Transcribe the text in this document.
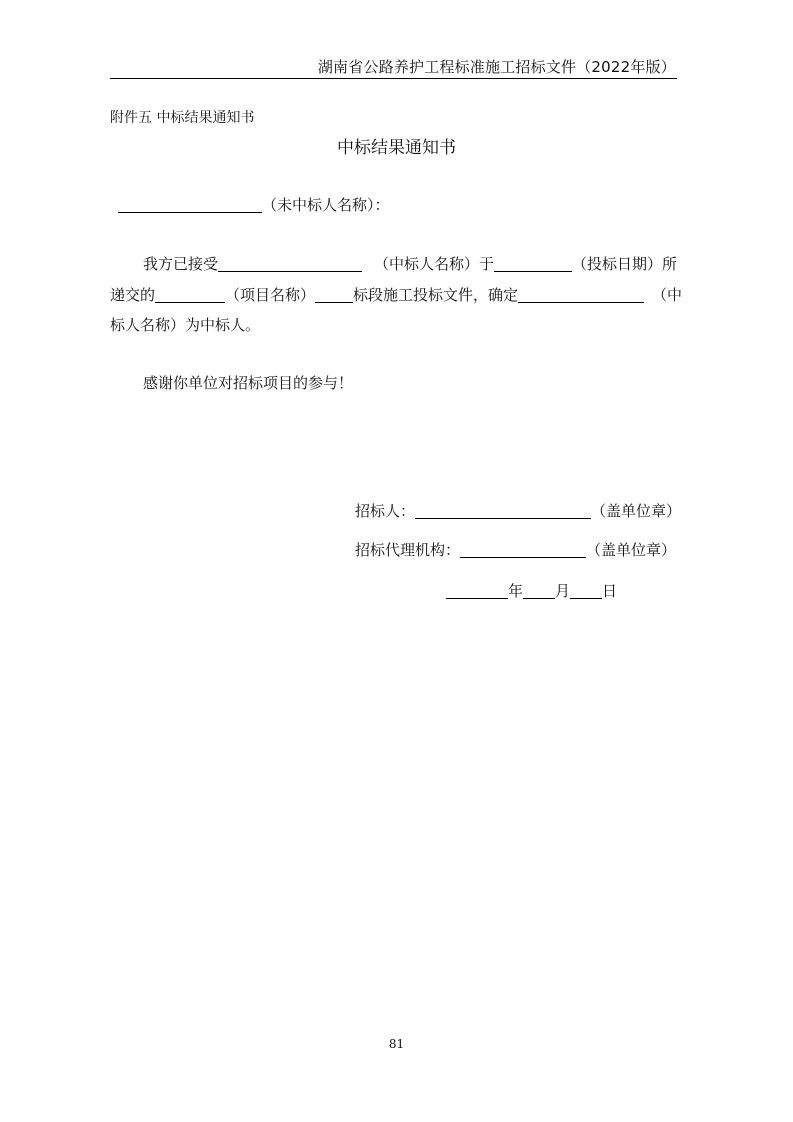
湖南省公路养护工程标准施工招标文件（2022年版）
附件五 中标结果通知书
中标结果通知书
（未中标人名称）：
我方已接受	（中标人名称）于	（投标日期）所
递交的	（项目名称）	标段施工投标文件，确定	（中
标人名称）为中标人。
感谢你单位对招标项目的参与！
招标人：	（盖单位章）
招标代理机构：	（盖单位章）
年 月 日
81
